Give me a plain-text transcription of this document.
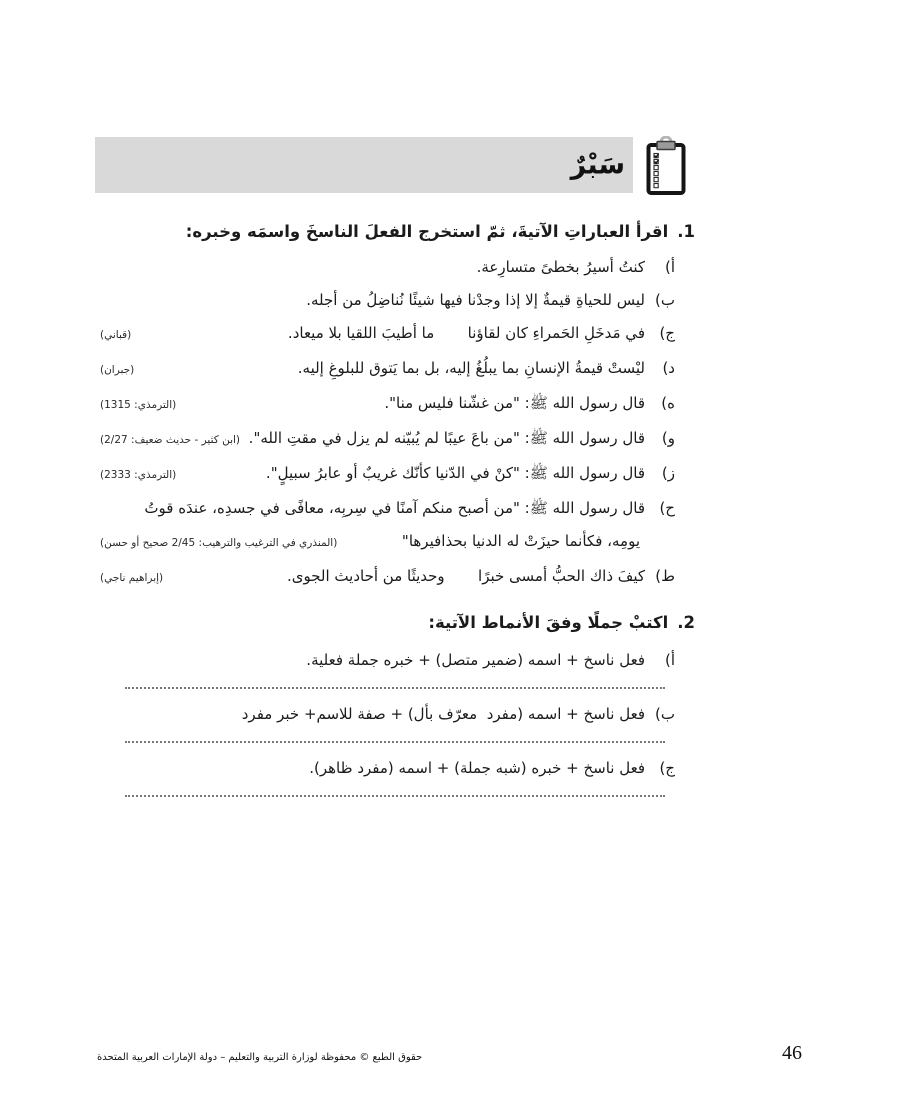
سَبْرٌ
1.
اقرأ العباراتِ الآتيةَ، ثمّ استخرج الفعلَ الناسخَ واسمَه وخبره:
أ)
كنتُ أسيرُ بخطىً متسارِعة.
ب)
ليس للحياةِ قيمةٌ إلا إذا وجدْنا فيها شيئًا نُناضِلُ من أجله.
ج)
في مَدخَلِ الحَمراءِ كان لقاؤنا       ما أطيبَ اللقيا بلا ميعاد.
(قباني)
د)
ليْستْ قيمةُ الإنسانِ بما يبلُغُ إليه، بل بما يَتوق للبلوغِ إليه.
(جبران)
ه)
قال رسول الله ﷺ: "من غشّنا فليس منا".
(الترمذي: 1315)
و)
قال رسول الله ﷺ: "من باعَ عيبًا لم يُبيّنه لم يزل في مقتِ الله".
(ابن كثير - حديث ضعيف: 2/27)
ز)
قال رسول الله ﷺ: "كنْ في الدّنيا كأنّك غريبٌ أو عابرُ سبيلٍ".
(الترمذي: 2333)
ح)
قال رسول الله ﷺ: "من أصبح منكم آمنًا في سِربِه، معافًى في جسدِه، عندَه قوتُ
يومِه، فكأنما حيزَتْ له الدنيا بحذافيرها"
(المنذري في الترغيب والترهيب: 2/45 صحيح أو حسن)
ط)
كيفَ ذاك الحبُّ أمسى خبرًا       وحديثًا من أحاديث الجوى.
(إبراهيم ناجي)
2.
اكتبْ جملًا وفقَ الأنماط الآتية:
أ)
فعل ناسخ + اسمه (ضمير متصل) + خبره جملة فعلية.
ب)
فعل ناسخ + اسمه (مفرد  معرّف بأل) + صفة للاسم+ خبر مفرد
ج)
فعل ناسخ + خبره (شبه جملة) + اسمه (مفرد ظاهر).
حقوق الطبع © محفوظة لوزارة التربية والتعليم – دولة الإمارات العربية المتحدة	46
